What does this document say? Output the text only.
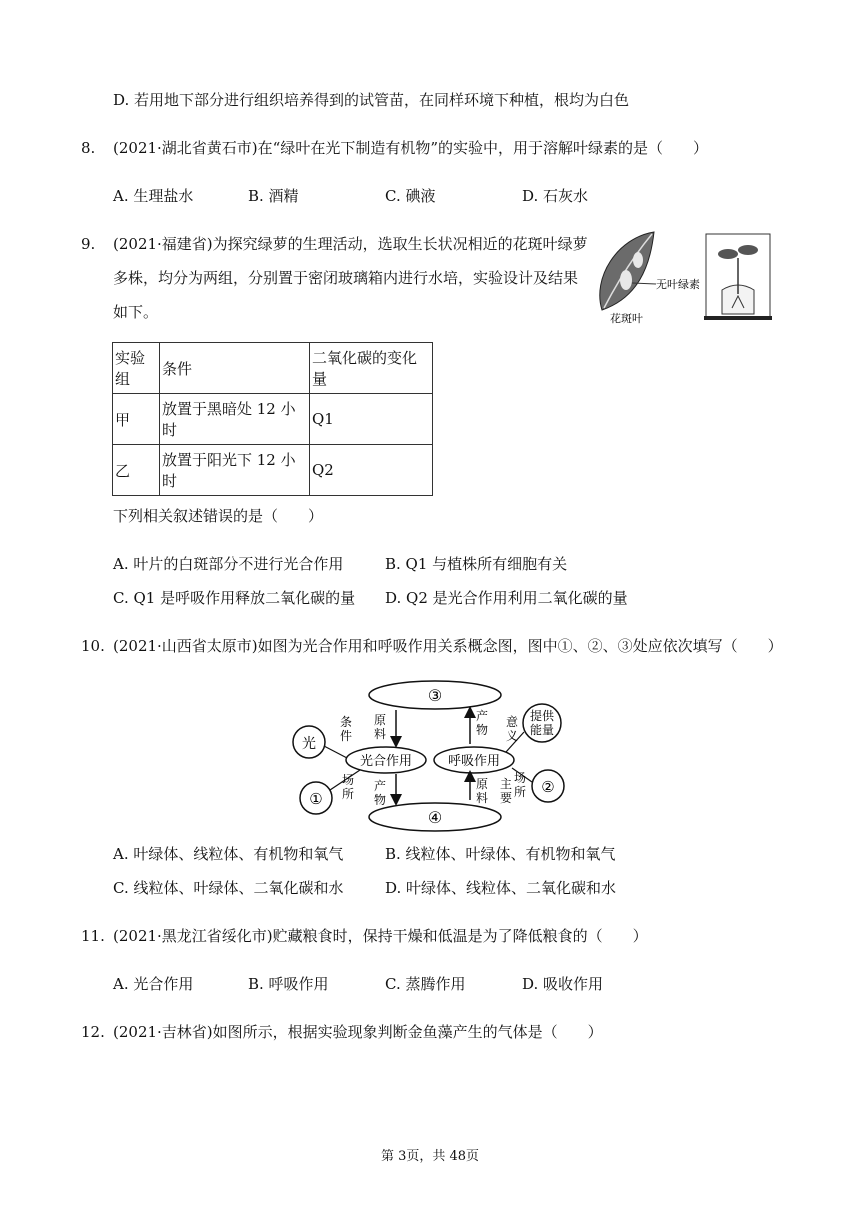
D. 若用地下部分进行组织培养得到的试管苗，在同样环境下种植，根均为白色
8. (2021·湖北省黄石市)在“绿叶在光下制造有机物”的实验中，用于溶解叶绿素的是（　　）
A. 生理盐水	B. 酒精	C. 碘液	D. 石灰水
9. (2021·福建省)为探究绿萝的生理活动，选取生长状况相近的花斑叶绿萝
多株，均分为两组，分别置于密闭玻璃箱内进行水培，实验设计及结果
如下。
无叶绿素
花斑叶
实验组	条件	二氧化碳的变化量
甲	放置于黑暗处 12 小时	Q1
乙	放置于阳光下 12 小时	Q2
下列相关叙述错误的是（　　）
A. 叶片的白斑部分不进行光合作用	B. Q1 与植株所有细胞有关
C. Q1 是呼吸作用释放二氧化碳的量 D. Q2 是光合作用利用二氧化碳的量
10. (2021·山西省太原市)如图为光合作用和呼吸作用关系概念图，图中①、②、③处应依次填写（　　）
③
④
光合作用	呼吸作用
光
①
提供
能量
②
条
件
场
所
原
料
产
物
产
物
意
义
原
料
主
要
场
所
A. 叶绿体、线粒体、有机物和氧气	B. 线粒体、叶绿体、有机物和氧气
C. 线粒体、叶绿体、二氧化碳和水	D. 叶绿体、线粒体、二氧化碳和水
11. (2021·黑龙江省绥化市)贮藏粮食时，保持干燥和低温是为了降低粮食的（　　）
A. 光合作用	B. 呼吸作用	C. 蒸腾作用	D. 吸收作用
12. (2021·吉林省)如图所示，根据实验现象判断金鱼藻产生的气体是（　　）
第 3页，共 48页
